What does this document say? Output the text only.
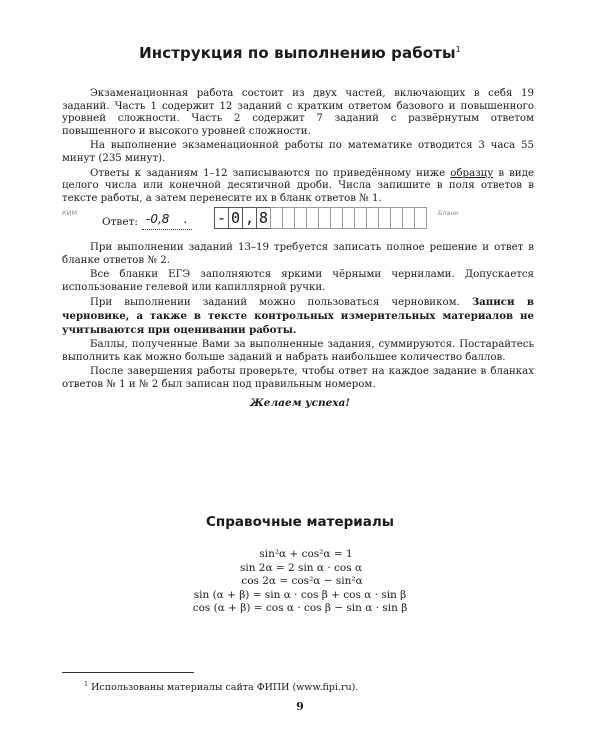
Инструкция по выполнению работы$^1$

Экзаменационная работа состоит из двух частей, включающих в себя 19 заданий. Часть 1 содержит 12 заданий с кратким ответом базового и повышенного уровней сложности. Часть 2 содержит 7 заданий с развёрнутым ответом повышенного и высокого уровней сложности.

На выполнение экзаменационной работы по математике отводится 3 часа 55 минут (235 минут).

Ответы к заданиям 1–12 записываются по приведённому ниже образцу в виде целого числа или конечной десятичной дроби. Числа запишите в поля ответов в тексте работы, а затем перенесите их в бланк ответов № 1.

КИМ
Ответ: -0,8 . - 0 , 8	Бланк

При выполнении заданий 13–19 требуется записать полное решение и ответ в бланке ответов № 2.

Все бланки ЕГЭ заполняются яркими чёрными чернилами. Допускается использование гелевой или капиллярной ручки.

При выполнении заданий можно пользоваться черновиком. Записи в черновике, а также в тексте контрольных измерительных материалов не учитываются при оценивании работы.

Баллы, полученные Вами за выполненные задания, суммируются. Постарайтесь выполнить как можно больше заданий и набрать наибольшее количество баллов.

После завершения работы проверьте, чтобы ответ на каждое задание в бланках ответов № 1 и № 2 был записан под правильным номером.

Желаем успеха!
Справочные материалы
sin²α + cos²α = 1
sin 2α = 2 sin α · cos α
cos 2α = cos²α − sin²α
sin (α + β) = sin α · cos β + cos α · sin β
cos (α + β) = cos α · cos β − sin α · sin β
$^1$ Использованы материалы сайта ФИПИ (www.fipi.ru).
9
